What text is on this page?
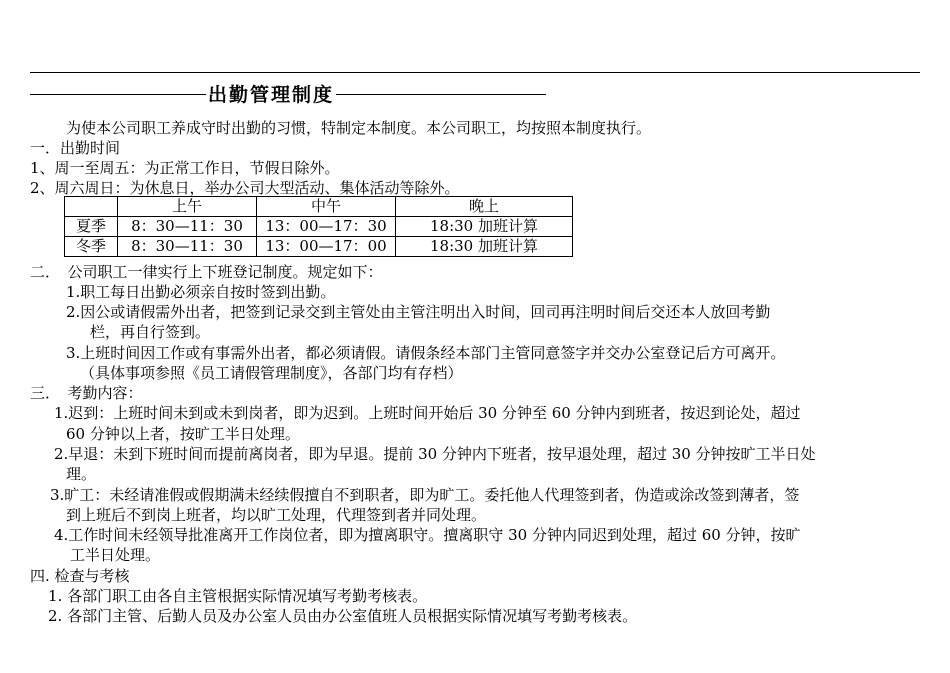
出勤管理制度
为使本公司职工养成守时出勤的习惯，特制定本制度。本公司职工，均按照本制度执行。
一．出勤时间
1、周一至周五：为正常工作日，节假日除外。
2、周六周日：为休息日，举办公司大型活动、集体活动等除外。
	上午	中午	晚上
夏季	8：30—11：30	13：00—17：30	18:30 加班计算
冬季	8：30—11：30	13：00—17：00	18:30 加班计算
二．　公司职工一律实行上下班登记制度。规定如下：
1.职工每日出勤必须亲自按时签到出勤。
2.因公或请假需外出者，把签到记录交到主管处由主管注明出入时间，回司再注明时间后交还本人放回考勤
栏，再自行签到。
3.上班时间因工作或有事需外出者，都必须请假。请假条经本部门主管同意签字并交办公室登记后方可离开。
（具体事项参照《员工请假管理制度》，各部门均有存档）
三．　考勤内容：
1.迟到：上班时间未到或未到岗者，即为迟到。上班时间开始后 30 分钟至 60 分钟内到班者，按迟到论处，超过
60 分钟以上者，按旷工半日处理。
2.早退：未到下班时间而提前离岗者，即为早退。提前 30 分钟内下班者，按早退处理，超过 30 分钟按旷工半日处
理。
3.旷工：未经请准假或假期满未经续假擅自不到职者，即为旷工。委托他人代理签到者，伪造或涂改签到薄者，签
到上班后不到岗上班者，均以旷工处理，代理签到者并同处理。
4.工作时间未经领导批准离开工作岗位者，即为擅离职守。擅离职守 30 分钟内同迟到处理，超过 60 分钟，按旷
工半日处理。
四. 检查与考核
1. 各部门职工由各自主管根据实际情况填写考勤考核表。
2. 各部门主管、后勤人员及办公室人员由办公室值班人员根据实际情况填写考勤考核表。
